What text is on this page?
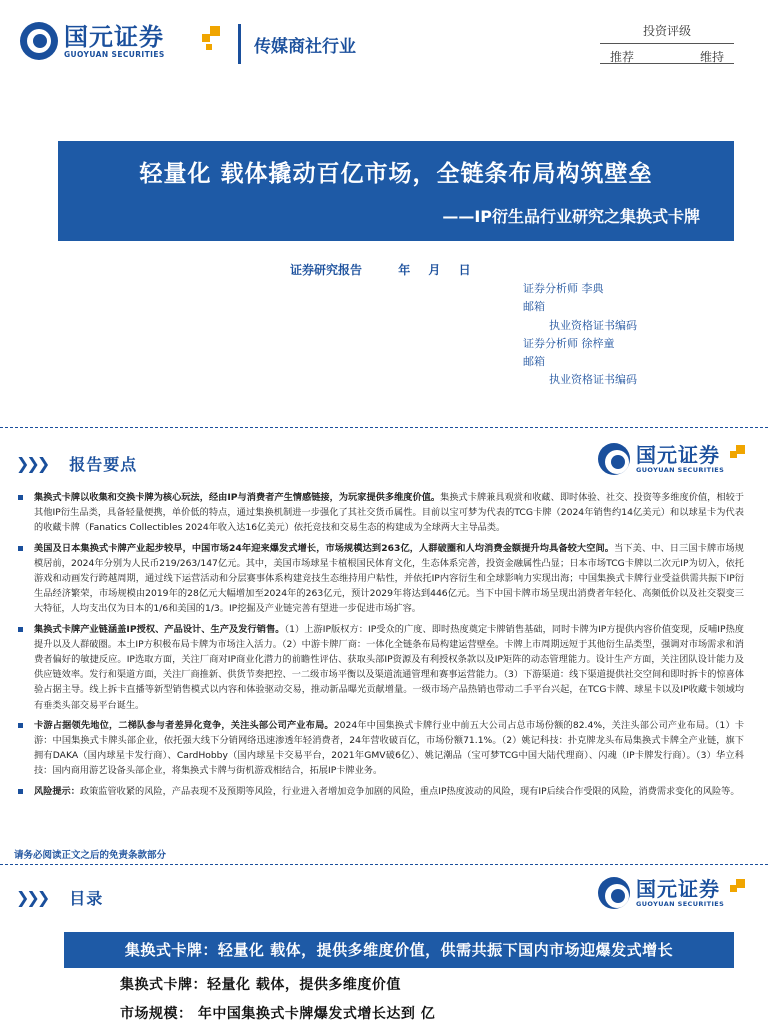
国元证券
GUOYUAN SECURITIES	传媒商社行业
投资评级
推荐	维持
轻量化 载体撬动百亿市场，全链条布局构筑壁垒
——IP衍生品行业研究之集换式卡牌
证券研究报告	年 月 日
证券分析师 李典
邮箱
执业资格证书编码
证券分析师 徐梓童
邮箱
执业资格证书编码
❯❯❯ 报告要点	国元证券
GUOYUAN SECURITIES
集换式卡牌以收集和交换卡牌为核心玩法，经由IP与消费者产生情感链接，为玩家提供多维度价值。集换式卡牌兼具观赏和收藏、即时体验、社交、投资等多维度价值，相较于其他IP衍生品类，具备轻量便携，单价低的特点，通过集换机制进一步强化了其社交货币属性。目前以宝可梦为代表的TCG卡牌（2024年销售约14亿美元）和以球星卡为代表的收藏卡牌（Fanatics Collectibles 2024年收入达16亿美元）依托竞技和交易生态的构建成为全球两大主导品类。
美国及日本集换式卡牌产业起步较早，中国市场24年迎来爆发式增长，市场规模达到263亿，人群破圈和人均消费金额提升均具备较大空间。当下美、中、日三国卡牌市场规模居前，2024年分别为人民币219/263/147亿元。其中，美国市场球星卡植根国民体育文化，生态体系完善，投资金融属性凸显；日本市场TCG卡牌以二次元IP为切入，依托游戏和动画发行跨越周期，通过线下运营活动和分层赛事体系构建竞技生态维持用户粘性，并依托IP内容衍生和全球影响力实现出海；中国集换式卡牌行业受益供需共振下IP衍生品经济繁荣，市场规模由2019年的28亿元大幅增加至2024年的263亿元，预计2029年将达到446亿元。当下中国卡牌市场呈现出消费者年轻化、高频低价以及社交裂变三大特征，人均支出仅为日本的1/6和美国的1/3。IP挖掘及产业链完善有望进一步促进市场扩容。
集换式卡牌产业链涵盖IP授权、产品设计、生产及发行销售。（1）上游IP版权方：IP受众的广度、即时热度奠定卡牌销售基础，同时卡牌为IP方提供内容价值变现，反哺IP热度提升以及人群破圈。本土IP方积极布局卡牌为市场注入活力。（2）中游卡牌厂商：一体化全链条布局构建运营壁垒。卡牌上市周期远短于其他衍生品类型，强调对市场需求和消费者偏好的敏捷反应。IP选取方面，关注厂商对IP商业化潜力的前瞻性评估、获取头部IP资源及有利授权条款以及IP矩阵的动态管理能力。设计生产方面，关注团队设计能力及供应链效率。发行和渠道方面，关注厂商推新、供货节奏把控、一二级市场平衡以及渠道流通管理和赛事运营能力。（3）下游渠道：线下渠道提供社交空间和即时拆卡的惊喜体验占据主导。线上拆卡直播等新型销售模式以内容和体验驱动交易，推动新品曝光贡献增量。一级市场产品热销也带动二手平台兴起，在TCG卡牌、球星卡以及IP收藏卡领域均有垂类头部交易平台诞生。
卡游占据领先地位，二梯队参与者差异化竞争，关注头部公司产业布局。2024年中国集换式卡牌行业中前五大公司占总市场份额的82.4%，关注头部公司产业布局。（1）卡游：中国集换式卡牌头部企业，依托强大线下分销网络迅速渗透年轻消费者，24年营收破百亿，市场份额71.1%。（2）姚记科技：扑克牌龙头布局集换式卡牌全产业链，旗下拥有DAKA（国内球星卡发行商）、CardHobby（国内球星卡交易平台，2021年GMV破6亿）、姚记潮品（宝可梦TCG中国大陆代理商）、闪魂（IP卡牌发行商）。（3）华立科技：国内商用游艺设备头部企业，将集换式卡牌与街机游戏相结合，拓展IP卡牌业务。
风险提示：政策监管收紧的风险，产品表现不及预期等风险，行业进入者增加竞争加剧的风险，重点IP热度波动的风险，现有IP后续合作受限的风险，消费需求变化的风险等。
请务必阅读正文之后的免责条款部分
❯❯❯ 目录	国元证券
GUOYUAN SECURITIES
集换式卡牌：轻量化 载体，提供多维度价值，供需共振下国内市场迎爆发式增长
集换式卡牌：轻量化 载体，提供多维度价值
市场规模： 年中国集换式卡牌爆发式增长达到 亿
